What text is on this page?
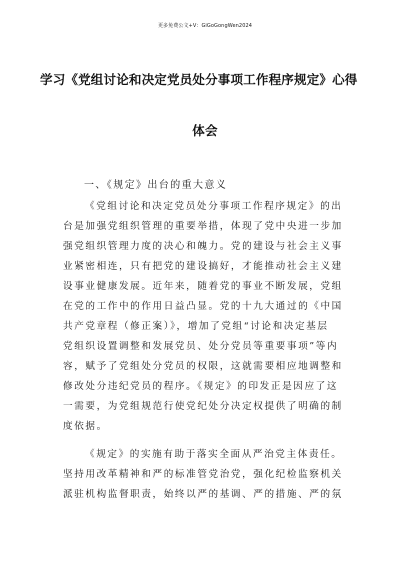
更多免费公文+V：GiGoGongWen2024
学习《党组讨论和决定党员处分事项工作程序规定》心得
体会
一、《规定》出台的重大意义
《党组讨论和决定党员处分事项工作程序规定》的出
台是加强党组织管理的重要举措，体现了党中央进一步加
强党组织管理力度的决心和魄力。党的建设与社会主义事
业紧密相连，只有把党的建设搞好，才能推动社会主义建
设事业健康发展。近年来，随着党的事业不断发展，党组
在党的工作中的作用日益凸显。党的十九大通过的《中国
共产党章程（修正案）》，增加了党组“讨论和决定基层
党组织设置调整和发展党员、处分党员等重要事项”等内
容，赋予了党组处分党员的权限，这就需要相应地调整和
修改处分违纪党员的程序。《规定》的印发正是因应了这
一需要，为党组规范行使党纪处分决定权提供了明确的制
度依据。
《规定》的实施有助于落实全面从严治党主体责任。
坚持用改革精神和严的标准管党治党，强化纪检监察机关
派驻机构监督职责，始终以严的基调、严的措施、严的氛
